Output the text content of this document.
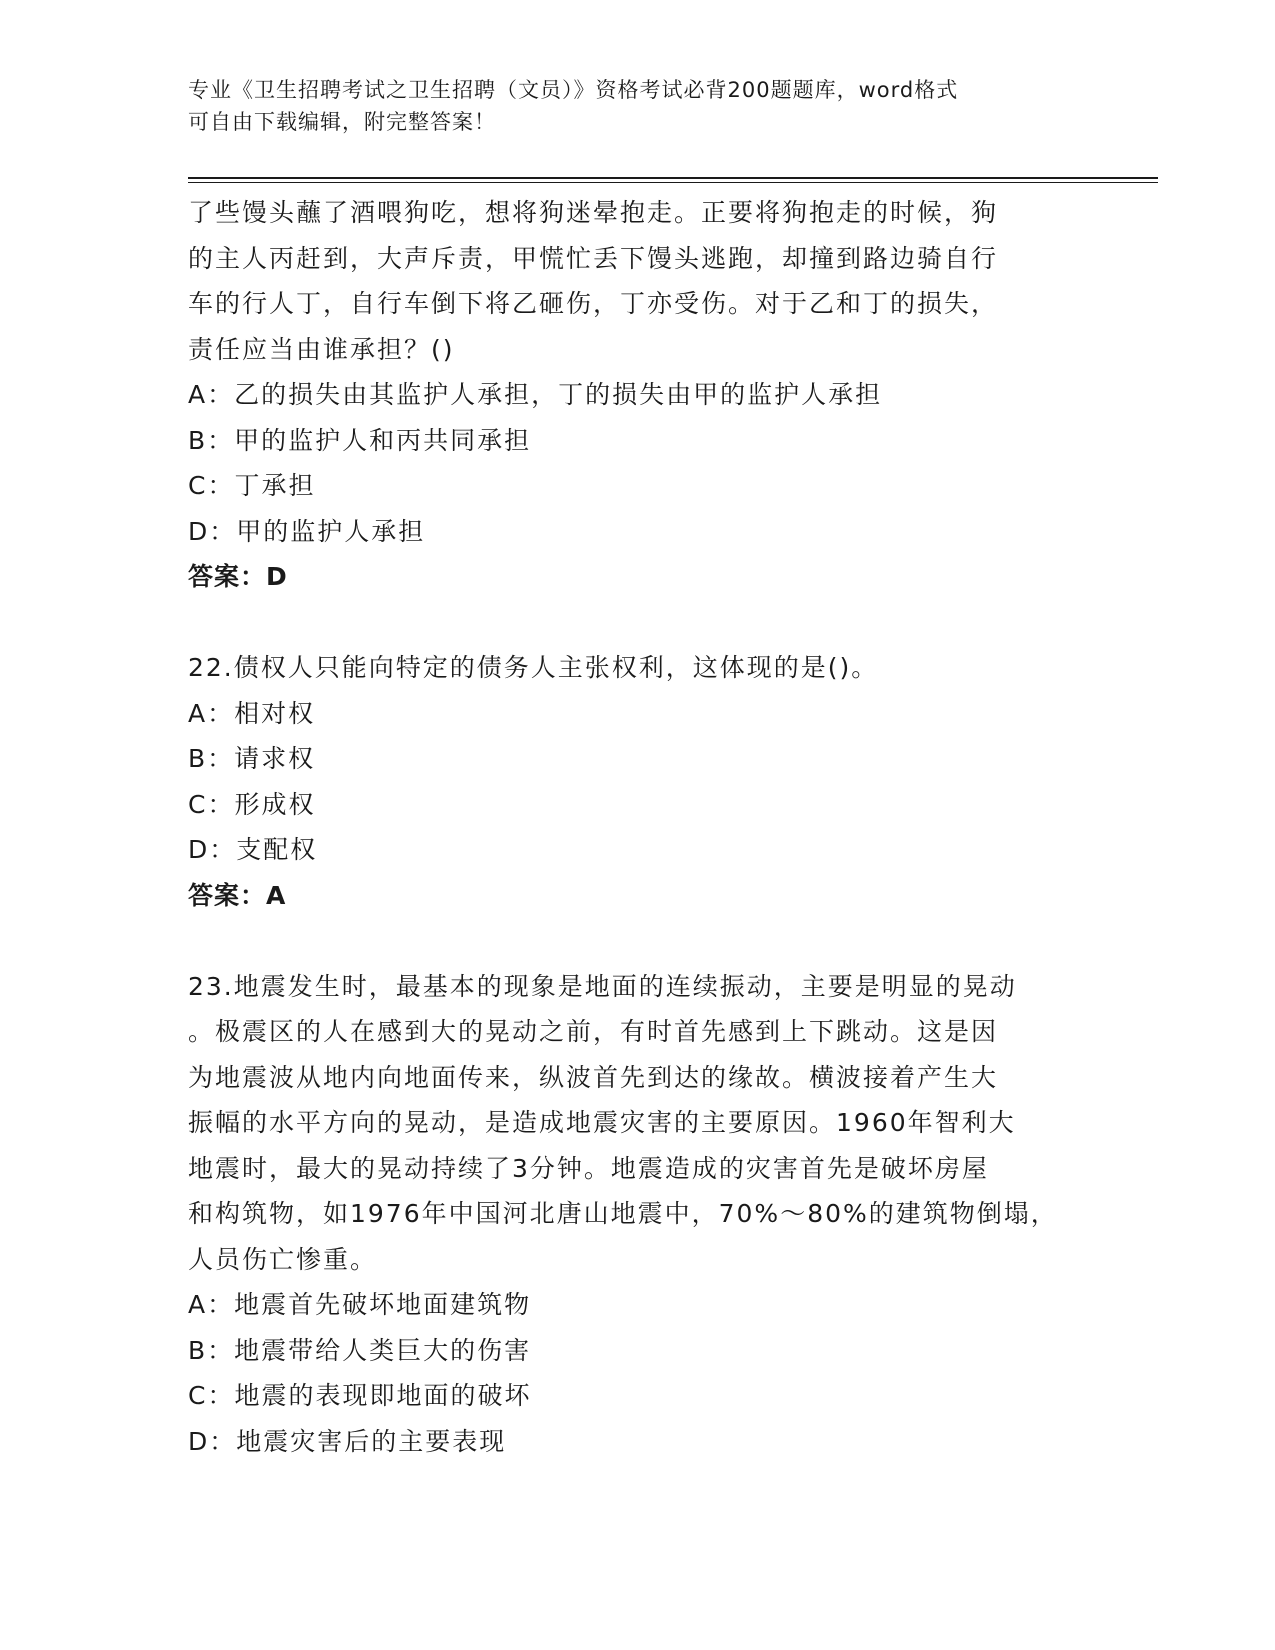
专业《卫生招聘考试之卫生招聘（文员）》资格考试必背200题题库，word格式
可自由下载编辑，附完整答案！
了些馒头蘸了酒喂狗吃，想将狗迷晕抱走。正要将狗抱走的时候，狗
的主人丙赶到，大声斥责，甲慌忙丢下馒头逃跑，却撞到路边骑自行
车的行人丁，自行车倒下将乙砸伤，丁亦受伤。对于乙和丁的损失，
责任应当由谁承担？()
A：乙的损失由其监护人承担，丁的损失由甲的监护人承担
B：甲的监护人和丙共同承担
C：丁承担
D：甲的监护人承担
答案：D
22.债权人只能向特定的债务人主张权利，这体现的是()。
A：相对权
B：请求权
C：形成权
D：支配权
答案：A
23.地震发生时，最基本的现象是地面的连续振动，主要是明显的晃动
。极震区的人在感到大的晃动之前，有时首先感到上下跳动。这是因
为地震波从地内向地面传来，纵波首先到达的缘故。横波接着产生大
振幅的水平方向的晃动，是造成地震灾害的主要原因。1960年智利大
地震时，最大的晃动持续了3分钟。地震造成的灾害首先是破坏房屋
和构筑物，如1976年中国河北唐山地震中，70%～80%的建筑物倒塌，
人员伤亡惨重。
A：地震首先破坏地面建筑物
B：地震带给人类巨大的伤害
C：地震的表现即地面的破坏
D：地震灾害后的主要表现
